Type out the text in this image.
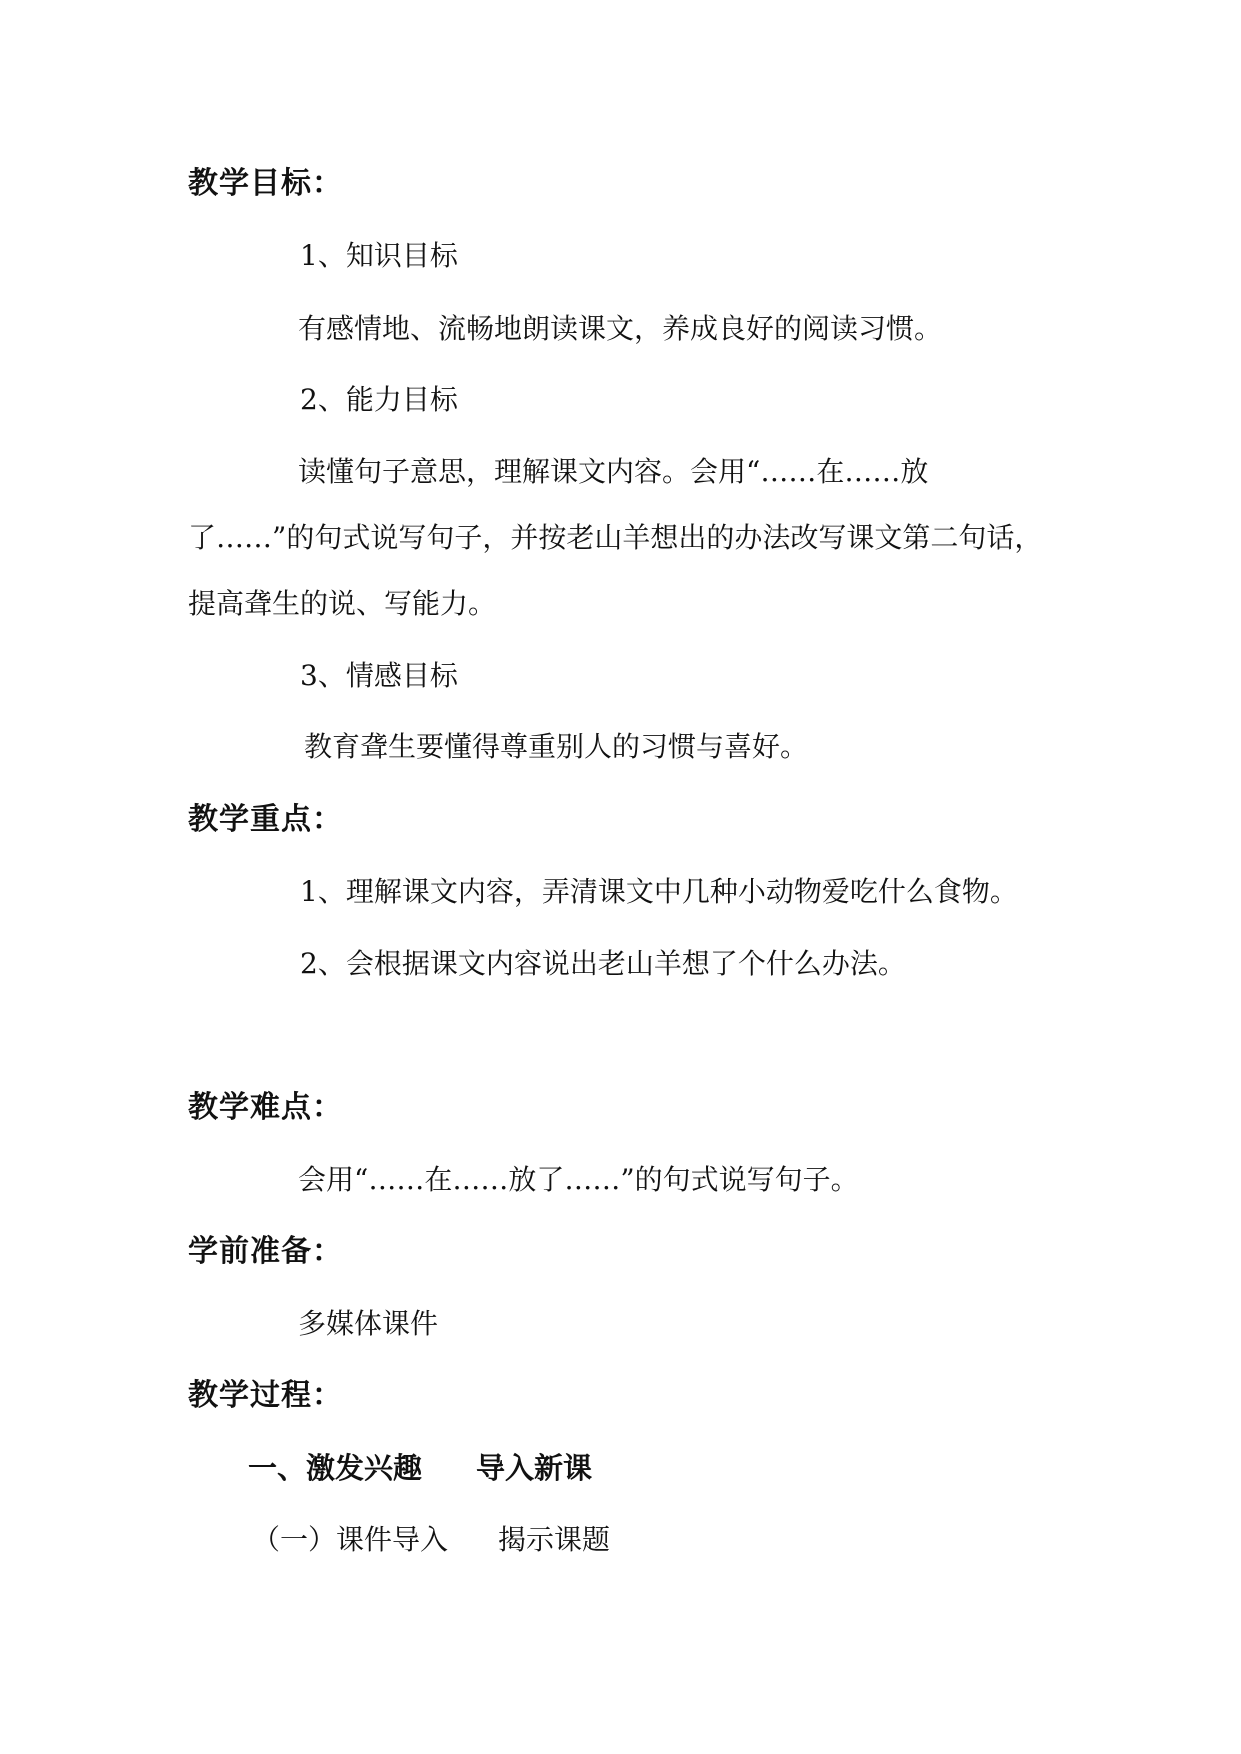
教学目标：
1、知识目标
有感情地、流畅地朗读课文，养成良好的阅读习惯。
2、能力目标
读懂句子意思，理解课文内容。会用“……在……放
了……”的句式说写句子，并按老山羊想出的办法改写课文第二句话，
提高聋生的说、写能力。
3、情感目标
教育聋生要懂得尊重别人的习惯与喜好。
教学重点：
1、理解课文内容，弄清课文中几种小动物爱吃什么食物。
2、会根据课文内容说出老山羊想了个什么办法。
教学难点：
会用“……在……放了……”的句式说写句子。
学前准备：
多媒体课件
教学过程：
一、激发兴趣 导入新课
（一）课件导入 揭示课题
